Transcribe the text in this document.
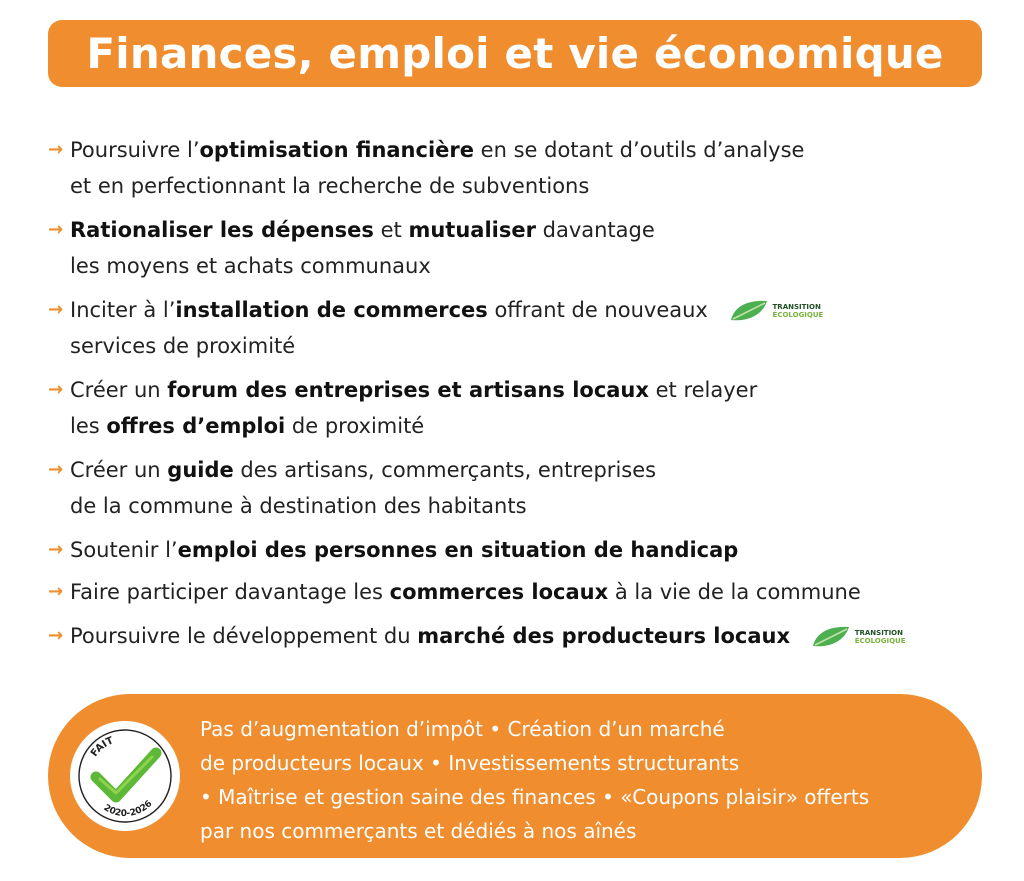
Finances, emploi et vie économique
→ Poursuivre l’optimisation financière en se dotant d’outils d’analyse
et en perfectionnant la recherche de subventions
→ Rationaliser les dépenses et mutualiser davantage
les moyens et achats communaux
→ Inciter à l’installation de commerces offrant de nouveaux	TRANSITION
ÉCOLOGIQUE
services de proximité
→ Créer un forum des entreprises et artisans locaux et relayer
les offres d’emploi de proximité
→ Créer un guide des artisans, commerçants, entreprises
de la commune à destination des habitants
→ Soutenir l’emploi des personnes en situation de handicap
→ Faire participer davantage les commerces locaux à la vie de la commune
→ Poursuivre le développement du marché des producteurs locaux	TRANSITION
ÉCOLOGIQUE
FAIT
2020-2026
Pas d’augmentation d’impôt • Création d’un marché
de producteurs locaux • Investissements structurants
• Maîtrise et gestion saine des finances • «Coupons plaisir» offerts
par nos commerçants et dédiés à nos aînés
